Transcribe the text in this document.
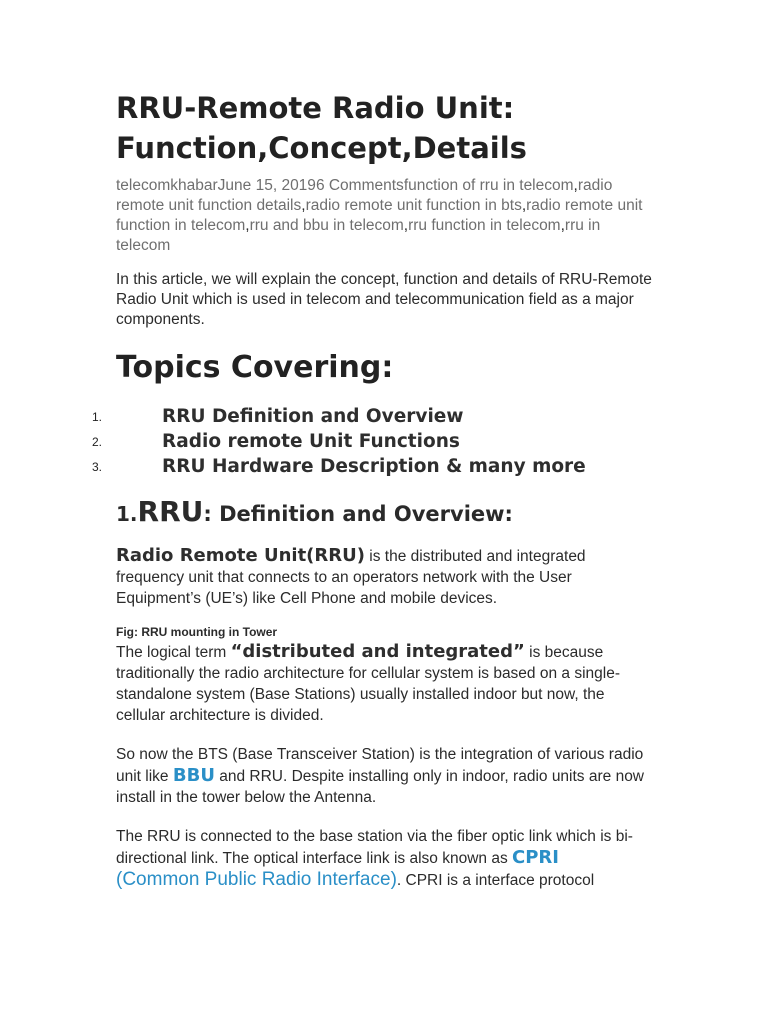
RRU-Remote Radio Unit:
Function,Concept,Details
telecomkhabarJune 15, 20196 Commentsfunction of rru in telecom,radio remote unit function details,radio remote unit function in bts,radio remote unit function in telecom,rru and bbu in telecom,rru function in telecom,rru in telecom

In this article, we will explain the concept, function and details of RRU-Remote Radio Unit which is used in telecom and telecommunication field as a major components.

Topics Covering:
1.	RRU Definition and Overview
2.	Radio remote Unit Functions
3.	RRU Hardware Description & many more
1.RRU: Definition and Overview:

Radio Remote Unit(RRU) is the distributed and integrated frequency unit that connects to an operators network with the User Equipment’s (UE’s) like Cell Phone and mobile devices.

Fig: RRU mounting in Tower

The logical term “distributed and integrated” is because traditionally the radio architecture for cellular system is based on a single-standalone system (Base Stations) usually installed indoor but now, the cellular architecture is divided.

So now the BTS (Base Transceiver Station) is the integration of various radio unit like BBU and RRU. Despite installing only in indoor, radio units are now install in the tower below the Antenna.

The RRU is connected to the base station via the fiber optic link which is bi-directional link. The optical interface link is also known as CPRI
(Common Public Radio Interface). CPRI is a interface protocol
